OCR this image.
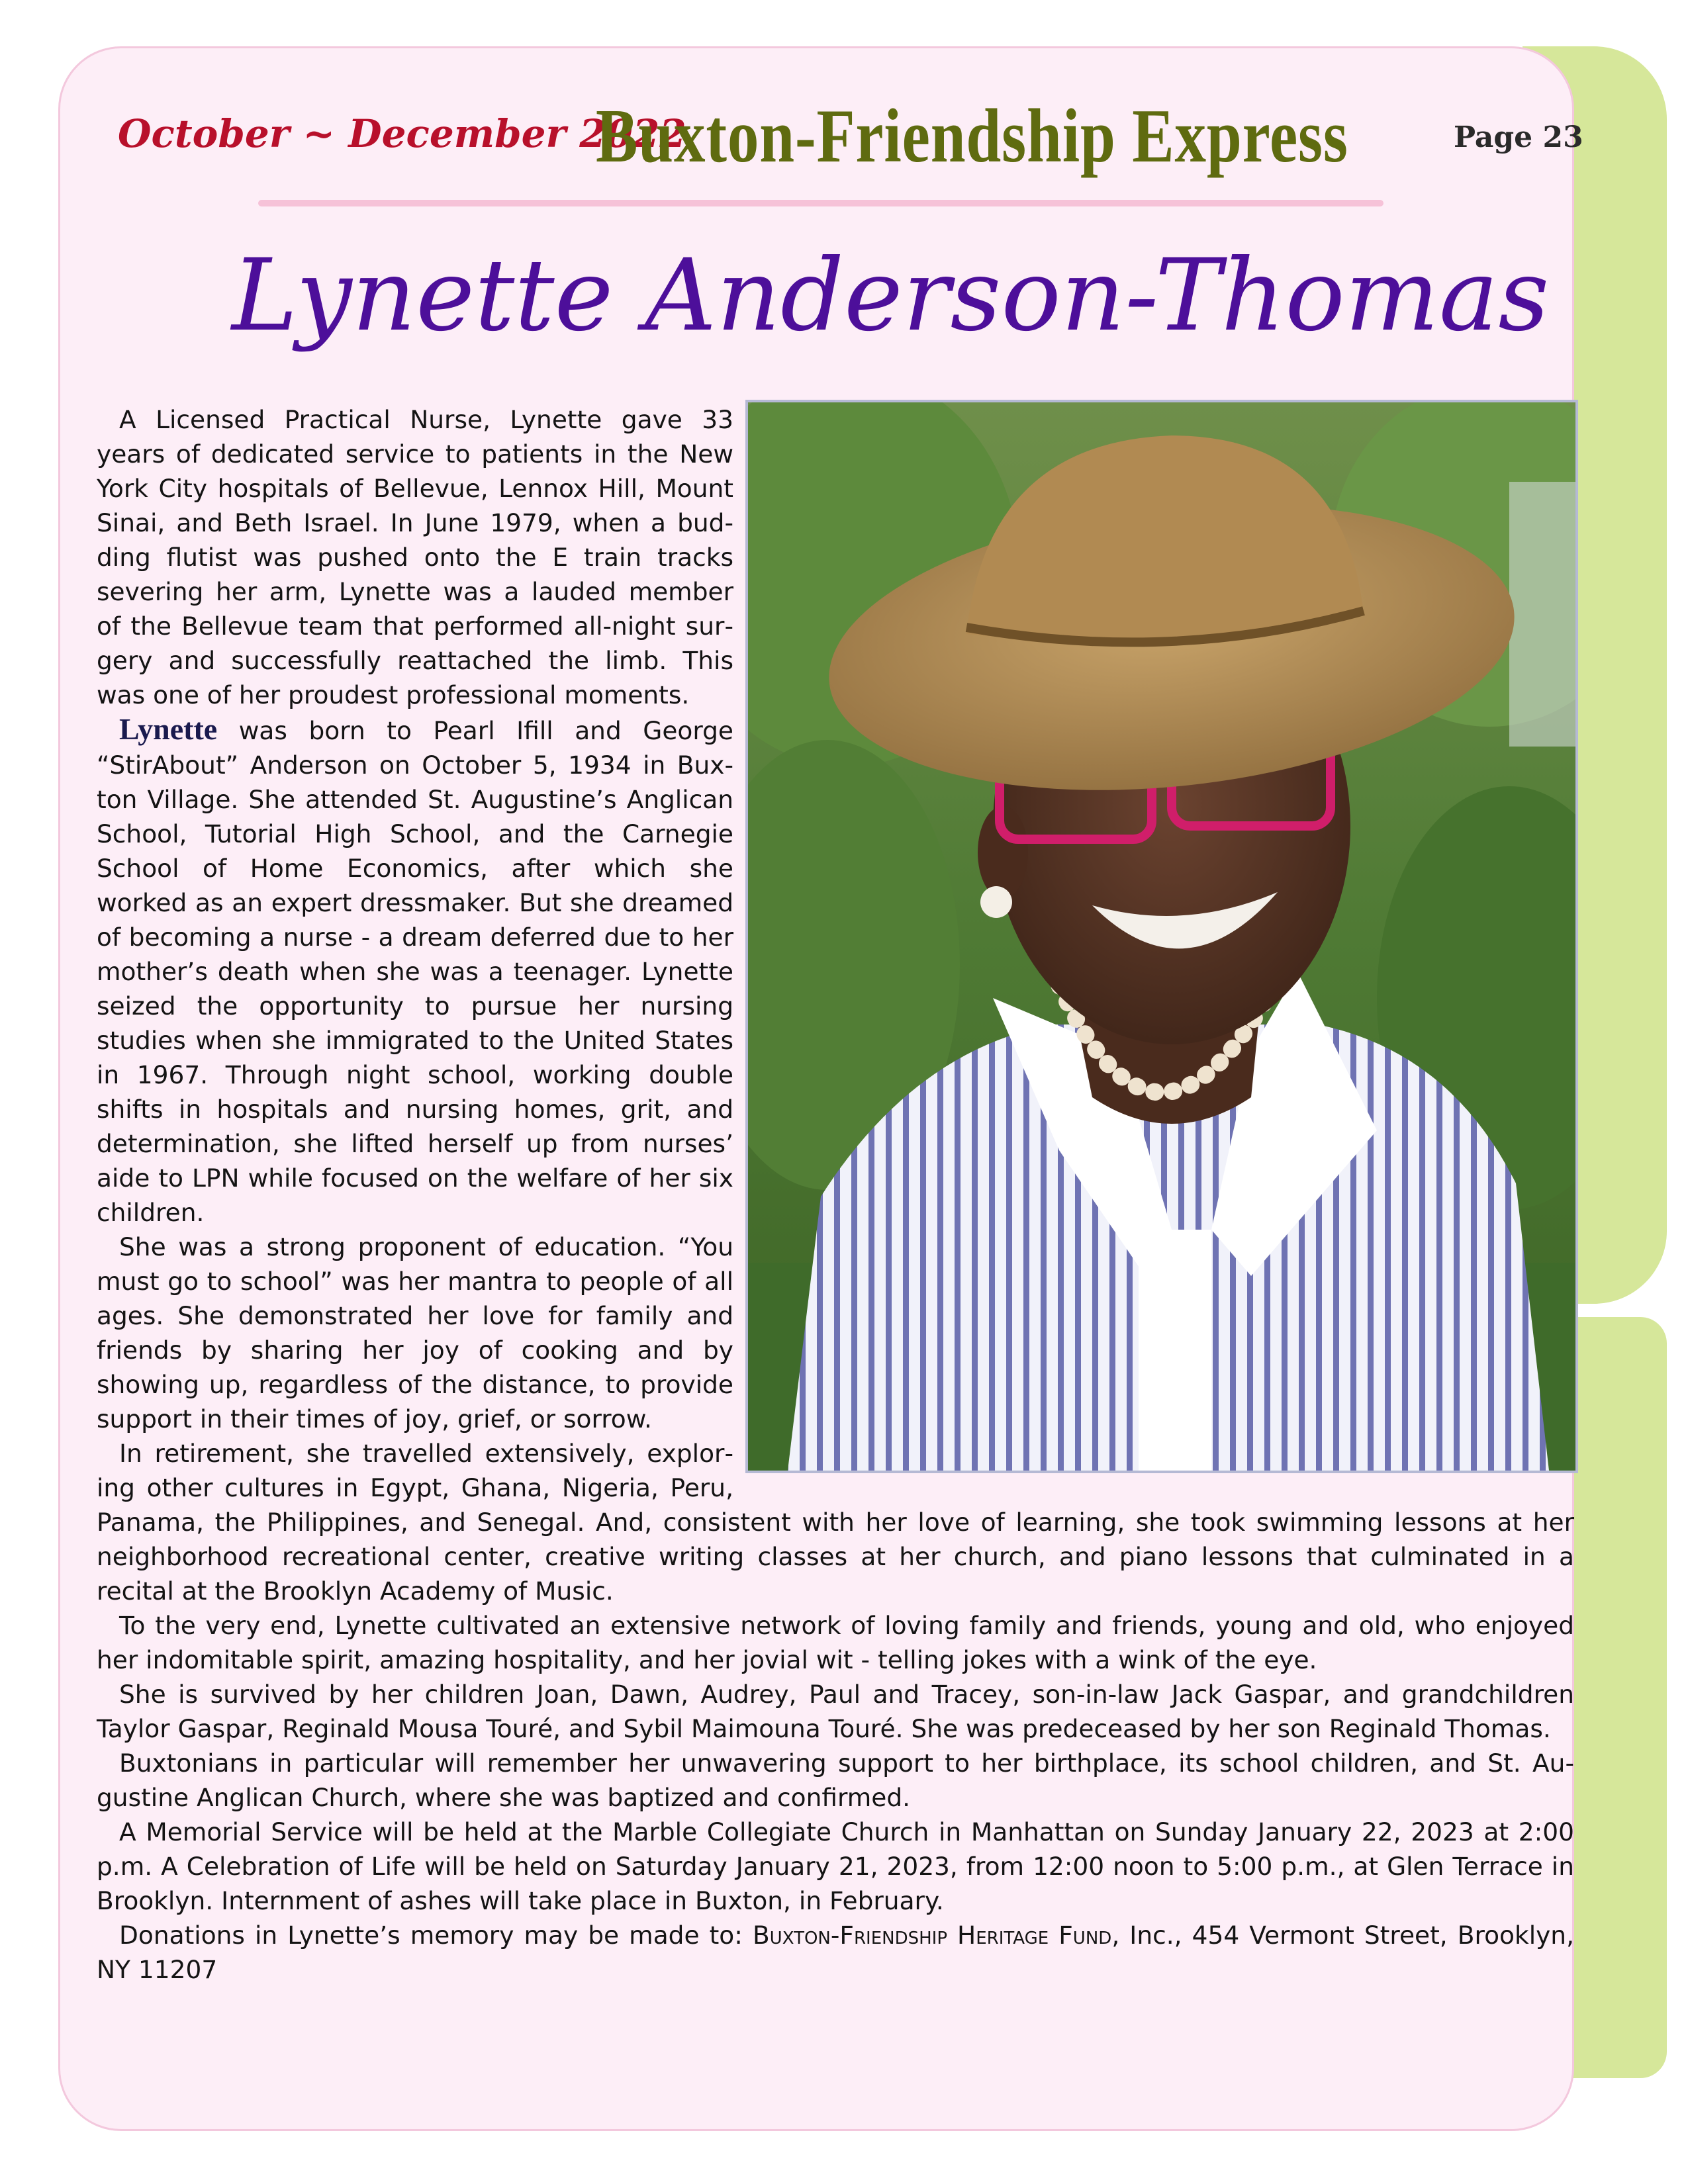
October ~ December 2022
Buxton-Friendship Express	Page 23
Lynette Anderson-Thomas

A Licensed Practical Nurse, Lynette gave 33 years of dedicated service to patients in the New York City hospitals of Bellevue, Lennox Hill, Mount Sinai, and Beth Israel. In June 1979, when a budding flutist was pushed onto the E train tracks severing her arm, Lynette was a lauded member of the Bellevue team that performed all-night surgery and successfully reattached the limb. This was one of her proudest professional moments.

Lynette was born to Pearl Ifill and George “StirAbout” Anderson on October 5, 1934 in Buxton Village. She attended St. Augustine’s Anglican School, Tutorial High School, and the Carnegie School of Home Economics, after which she worked as an expert dressmaker. But she dreamed of becoming a nurse - a dream deferred due to her mother’s death when she was a teenager. Lynette seized the opportunity to pursue her nursing studies when she immigrated to the United States in 1967. Through night school, working double shifts in hospitals and nursing homes, grit, and determination, she lifted herself up from nurses’ aide to LPN while focused on the welfare of her six children.

She was a strong proponent of education. “You must go to school” was her mantra to people of all ages. She demonstrated her love for family and friends by sharing her joy of cooking and by showing up, regardless of the distance, to provide support in their times of joy, grief, or sorrow.

In retirement, she travelled extensively, exploring other cultures in Egypt, Ghana, Nigeria, Peru, Panama, the Philippines, and Senegal. And, consistent with her love of learning, she took swimming lessons at her neighborhood recreational center, creative writing classes at her church, and piano lessons that culminated in a recital at the Brooklyn Academy of Music.

To the very end, Lynette cultivated an extensive network of loving family and friends, young and old, who enjoyed her indomitable spirit, amazing hospitality, and her jovial wit - telling jokes with a wink of the eye.

She is survived by her children Joan, Dawn, Audrey, Paul and Tracey, son-in-law Jack Gaspar, and grandchildren Taylor Gaspar, Reginald Mousa Touré, and Sybil Maimouna Touré. She was predeceased by her son Reginald Thomas.

Buxtonians in particular will remember her unwavering support to her birthplace, its school children, and St. Augustine Anglican Church, where she was baptized and confirmed.

A Memorial Service will be held at the Marble Collegiate Church in Manhattan on Sunday January 22, 2023 at 2:00 p.m. A Celebration of Life will be held on Saturday January 21, 2023, from 12:00 noon to 5:00 p.m., at Glen Terrace in Brooklyn. Internment of ashes will take place in Buxton, in February.

Donations in Lynette’s memory may be made to: Buxton-Friendship Heritage Fund, Inc., 454 Vermont Street, Brooklyn, NY 11207
